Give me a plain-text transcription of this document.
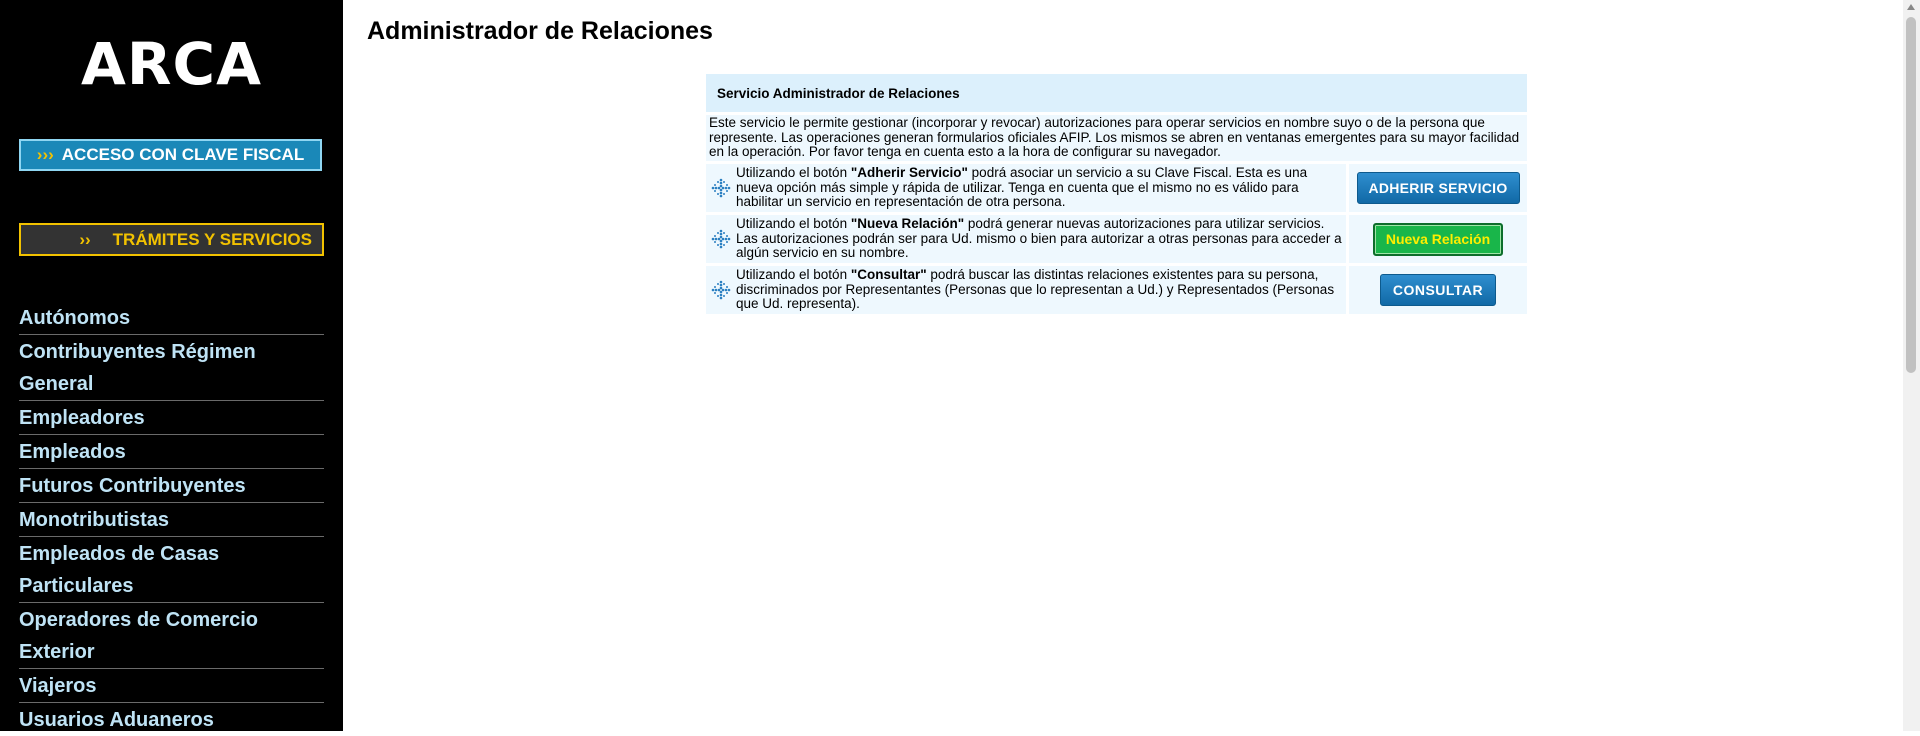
ARCA
››› ACCESO CON CLAVE FISCAL
›› TRÁMITES Y SERVICIOS
Autónomos
Contribuyentes Régimen General
Empleadores
Empleados
Futuros Contribuyentes
Monotributistas
Empleados de Casas Particulares
Operadores de Comercio Exterior
Viajeros
Usuarios Aduaneros
Administrador de Relaciones
Servicio Administrador de Relaciones
Este servicio le permite gestionar (incorporar y revocar) autorizaciones para operar servicios en nombre suyo o de la persona que represente. Las operaciones generan formularios oficiales AFIP. Los mismos se abren en ventanas emergentes para su mayor facilidad en la operación. Por favor tenga en cuenta esto a la hora de configurar su navegador.
Utilizando el botón "Adherir Servicio" podrá asociar un servicio a su Clave Fiscal. Esta es una nueva opción más simple y rápida de utilizar. Tenga en cuenta que el mismo no es válido para habilitar un servicio en representación de otra persona.
ADHERIR SERVICIO
Utilizando el botón "Nueva Relación" podrá generar nuevas autorizaciones para utilizar servicios. Las autorizaciones podrán ser para Ud. mismo o bien para autorizar a otras personas para acceder a algún servicio en su nombre.
Nueva Relación
Utilizando el botón "Consultar" podrá buscar las distintas relaciones existentes para su persona, discriminados por Representantes (Personas que lo representan a Ud.) y Representados (Personas que Ud. representa).
CONSULTAR
